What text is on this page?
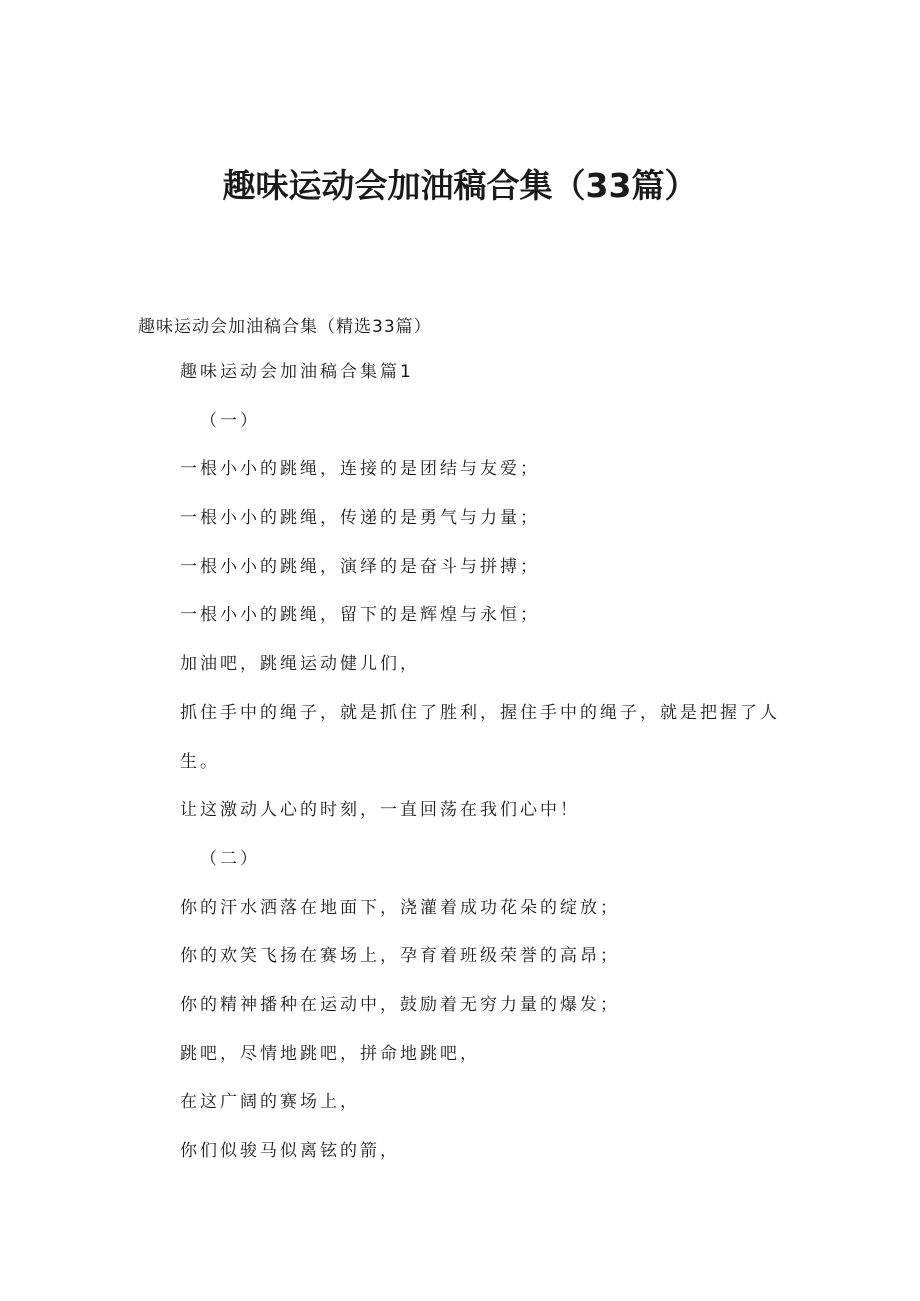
趣味运动会加油稿合集（33篇）

趣味运动会加油稿合集（精选33篇）

趣味运动会加油稿合集篇1
（一）
一根小小的跳绳，连接的是团结与友爱；
一根小小的跳绳，传递的是勇气与力量；
一根小小的跳绳，演绎的是奋斗与拼搏；
一根小小的跳绳，留下的是辉煌与永恒；
加油吧，跳绳运动健儿们，
抓住手中的绳子，就是抓住了胜利，握住手中的绳子，就是把握了人
生。
让这激动人心的时刻，一直回荡在我们心中！
（二）
你的汗水洒落在地面下，浇灌着成功花朵的绽放；
你的欢笑飞扬在赛场上，孕育着班级荣誉的高昂；
你的精神播种在运动中，鼓励着无穷力量的爆发；
跳吧，尽情地跳吧，拼命地跳吧，
在这广阔的赛场上，
你们似骏马似离铉的箭，
